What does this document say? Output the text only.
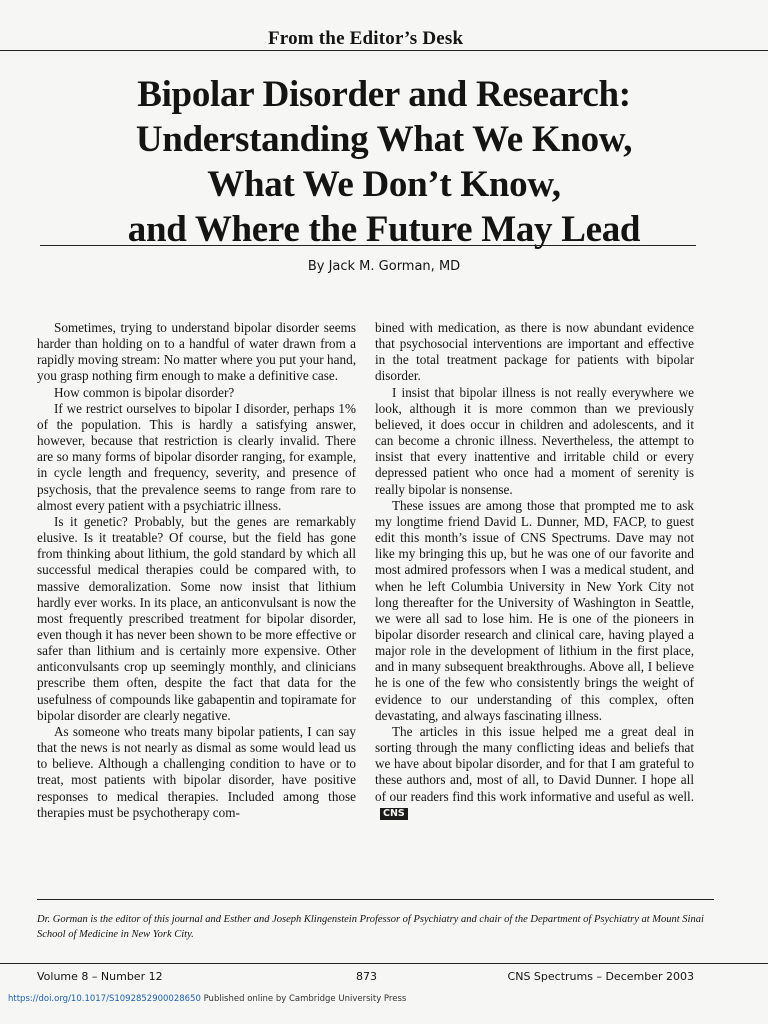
From the Editor’s Desk
Bipolar Disorder and Research:
Understanding What We Know,
What We Don’t Know,
and Where the Future May Lead
By Jack M. Gorman, MD

Sometimes, trying to understand bipolar disorder seems harder than holding on to a handful of water drawn from a rapidly moving stream: No matter where you put your hand, you grasp nothing firm enough to make a definitive case.

How common is bipolar disorder?

If we restrict ourselves to bipolar I disorder, perhaps 1% of the population. This is hardly a satisfying answer, however, because that restriction is clearly invalid. There are so many forms of bipolar disorder ranging, for example, in cycle length and frequency, severity, and presence of psychosis, that the prevalence seems to range from rare to almost every patient with a psychiatric illness.

Is it genetic? Probably, but the genes are remarkably elusive. Is it treatable? Of course, but the field has gone from thinking about lithium, the gold standard by which all successful medical therapies could be compared with, to massive demoralization. Some now insist that lithium hardly ever works. In its place, an anticonvulsant is now the most frequently prescribed treatment for bipolar disorder, even though it has never been shown to be more effective or safer than lithium and is certainly more expensive. Other anticonvulsants crop up seemingly monthly, and clinicians prescribe them often, despite the fact that data for the usefulness of compounds like gabapentin and topiramate for bipolar disorder are clearly negative.

As someone who treats many bipolar patients, I can say that the news is not nearly as dismal as some would lead us to believe. Although a challenging condition to have or to treat, most patients with bipolar disorder, have positive responses to medical therapies. Included among those therapies must be psychotherapy com-

bined with medication, as there is now abundant evidence that psychosocial interventions are important and effective in the total treatment package for patients with bipolar disorder.

I insist that bipolar illness is not really everywhere we look, although it is more common than we previously believed, it does occur in children and adolescents, and it can become a chronic illness. Nevertheless, the attempt to insist that every inattentive and irritable child or every depressed patient who once had a moment of serenity is really bipolar is nonsense.

These issues are among those that prompted me to ask my longtime friend David L. Dunner, MD, FACP, to guest edit this month’s issue of CNS Spectrums. Dave may not like my bringing this up, but he was one of our favorite and most admired professors when I was a medical student, and when he left Columbia University in New York City not long thereafter for the University of Washington in Seattle, we were all sad to lose him. He is one of the pioneers in bipolar disorder research and clinical care, having played a major role in the development of lithium in the first place, and in many subsequent breakthroughs. Above all, I believe he is one of the few who consistently brings the weight of evidence to our understanding of this complex, often devastating, and always fascinating illness.

The articles in this issue helped me a great deal in sorting through the many conflicting ideas and beliefs that we have about bipolar disorder, and for that I am grateful to these authors and, most of all, to David Dunner. I hope all of our readers find this work informative and useful as well.CNS

Dr. Gorman is the editor of this journal and Esther and Joseph Klingenstein Professor of Psychiatry and chair of the Department of Psychiatry at Mount Sinai School of Medicine in New York City.

Volume 8 – Number 12	873	CNS Spectrums – December 2003
https://doi.org/10.1017/S1092852900028650 Published online by Cambridge University Press
